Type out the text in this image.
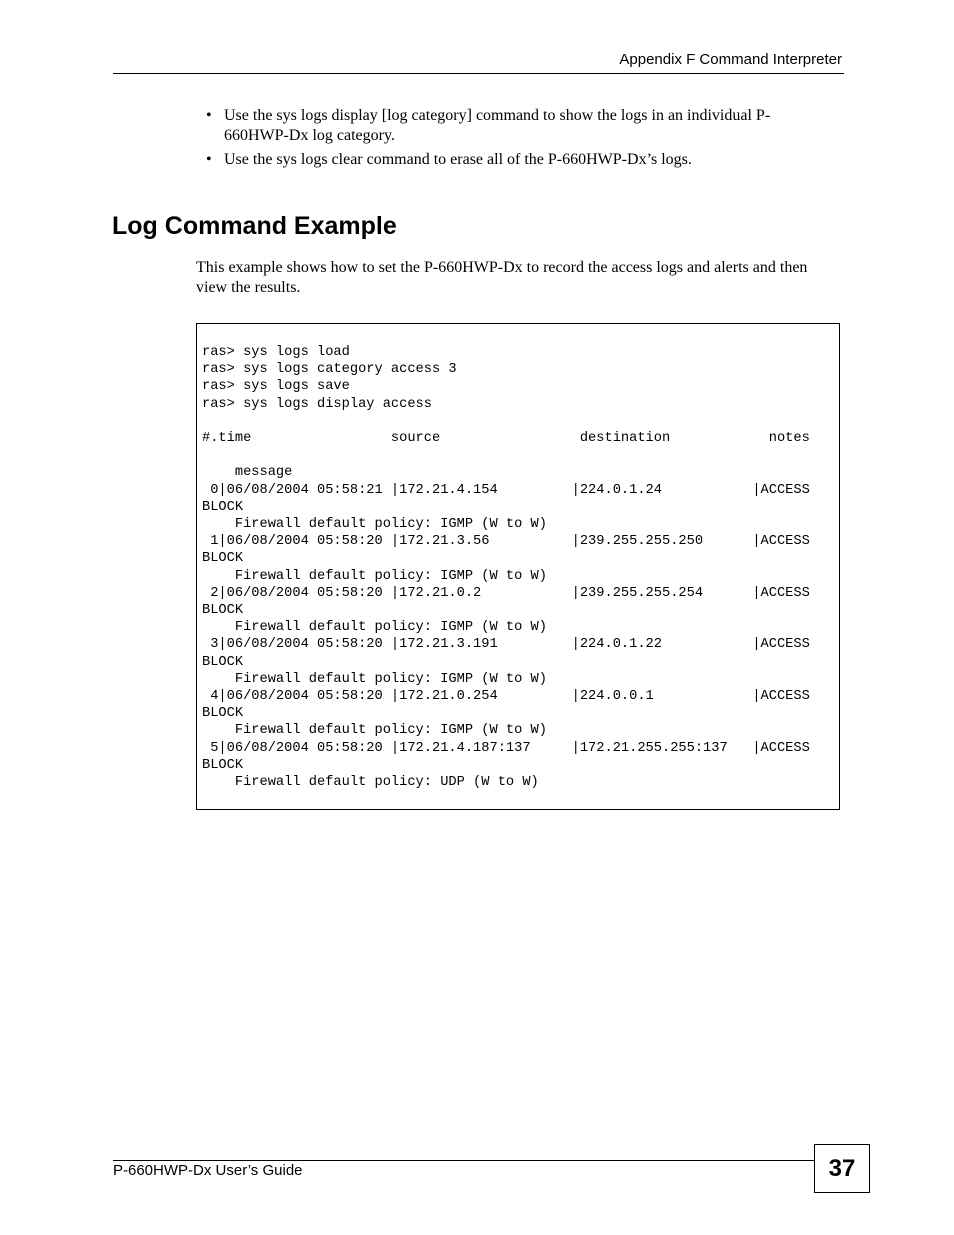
Appendix F Command Interpreter
• Use the sys logs display [log category] command to show the logs in an individual P-660HWP-Dx log category.
• Use the sys logs clear command to erase all of the P-660HWP-Dx’s logs.
Log Command Example

This example shows how to set the P-660HWP-Dx to record the access logs and alerts and then view the results.

ras> sys logs load
ras> sys logs category access 3
ras> sys logs save
ras> sys logs display access

#.time                 source                 destination            notes

message
0|06/08/2004 05:58:21 |172.21.4.154         |224.0.1.24           |ACCESS
BLOCK
Firewall default policy: IGMP (W to W)
1|06/08/2004 05:58:20 |172.21.3.56          |239.255.255.250      |ACCESS
BLOCK
Firewall default policy: IGMP (W to W)
2|06/08/2004 05:58:20 |172.21.0.2           |239.255.255.254      |ACCESS
BLOCK
Firewall default policy: IGMP (W to W)
3|06/08/2004 05:58:20 |172.21.3.191         |224.0.1.22           |ACCESS
BLOCK
Firewall default policy: IGMP (W to W)
4|06/08/2004 05:58:20 |172.21.0.254         |224.0.0.1            |ACCESS
BLOCK
Firewall default policy: IGMP (W to W)
5|06/08/2004 05:58:20 |172.21.4.187:137     |172.21.255.255:137   |ACCESS
BLOCK
Firewall default policy: UDP (W to W)

P-660HWP-Dx User’s Guide	37
